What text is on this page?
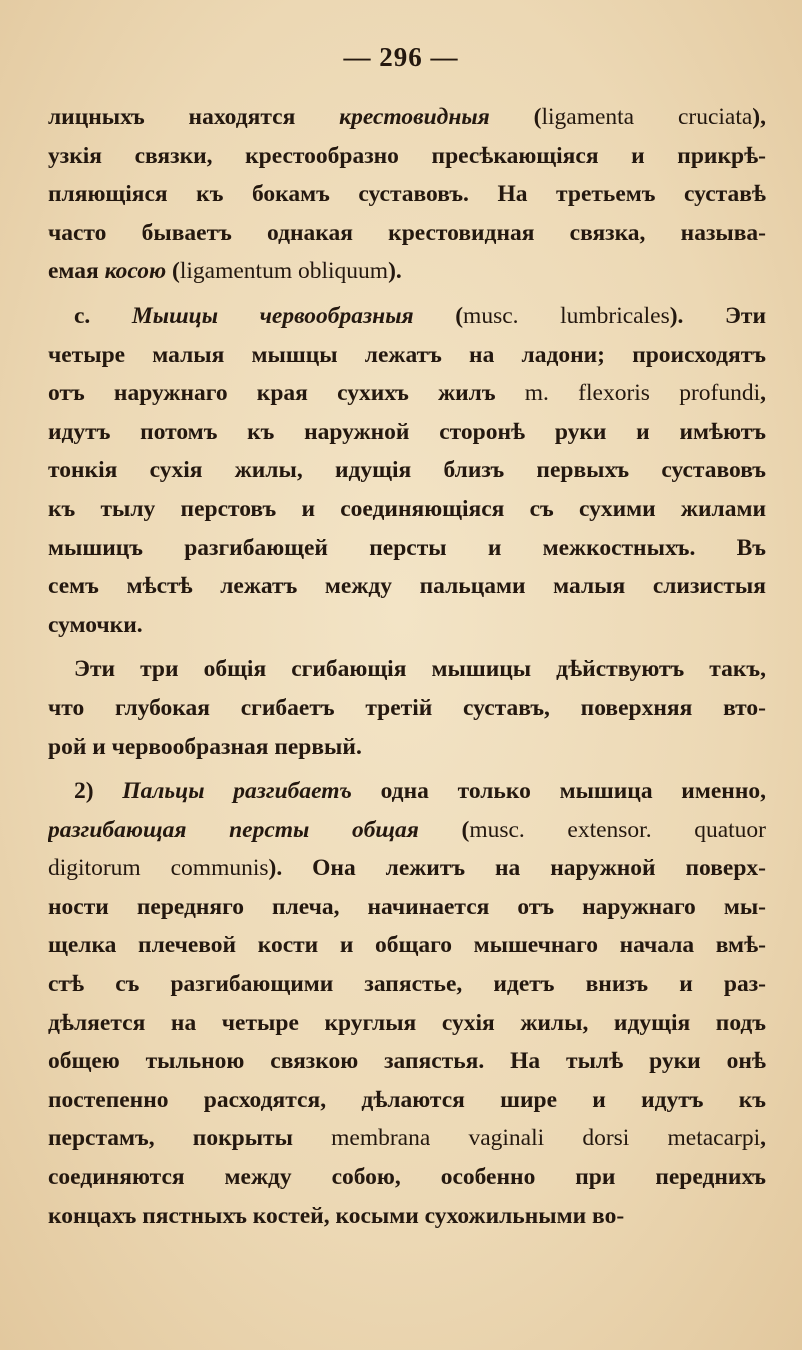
— 296 —
лицныхъ находятся крестовидныя (ligamenta cruciata),
узкія связки, крестообразно пресѣкающіяся и прикрѣ-
пляющіяся къ бокамъ суставовъ. На третьемъ суставѣ
часто бываетъ однакая крестовидная связка, называ-
емая косою (ligamentum obliquum).
c. Мышцы червообразныя (musc. lumbricales). Эти
четыре малыя мышцы лежатъ на ладони; происходятъ
отъ наружнаго края сухихъ жилъ m. flexoris profundi,
идутъ потомъ къ наружной сторонѣ руки и имѣютъ
тонкія сухія жилы, идущія близъ первыхъ суставовъ
къ тылу перстовъ и соединяющіяся съ сухими жилами
мышицъ разгибающей персты и межкостныхъ. Въ
семъ мѣстѣ лежатъ между пальцами малыя слизистыя
сумочки.
Эти три общія сгибающія мышицы дѣйствуютъ такъ,
что глубокая сгибаетъ третій суставъ, поверхняя вто-
рой и червообразная первый.
2) Пальцы разгибаетъ одна только мышица именно,
разгибающая персты общая (musc. extensor. quatuor
digitorum communis). Она лежитъ на наружной поверх-
ности передняго плеча, начинается отъ наружнаго мы-
щелка плечевой кости и общаго мышечнаго начала вмѣ-
стѣ съ разгибающими запястье, идетъ внизъ и раз-
дѣляется на четыре круглыя сухія жилы, идущія подъ
общею тыльною связкою запястья. На тылѣ руки онѣ
постепенно расходятся, дѣлаются шире и идутъ къ
перстамъ, покрыты membrana vaginali dorsi metacarpi,
соединяются между собою, особенно при переднихъ
концахъ пястныхъ костей, косыми сухожильными во-
